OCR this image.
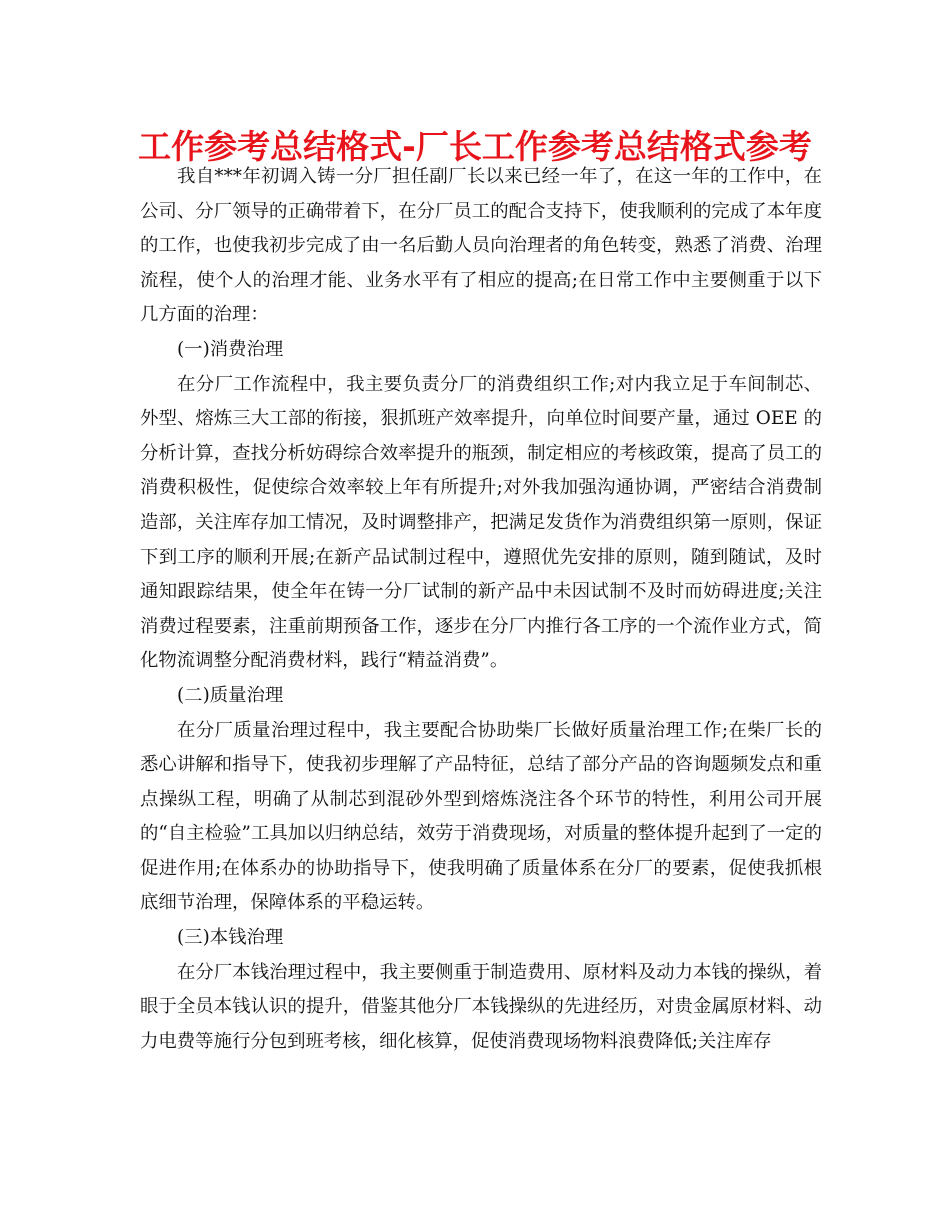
工作参考总结格式-厂长工作参考总结格式参考

我自***年初调入铸一分厂担任副厂长以来已经一年了，在这一年的工作中，在公司、分厂领导的正确带着下，在分厂员工的配合支持下，使我顺利的完成了本年度的工作，也使我初步完成了由一名后勤人员向治理者的角色转变，熟悉了消费、治理流程，使个人的治理才能、业务水平有了相应的提高;在日常工作中主要侧重于以下几方面的治理：

(一)消费治理

在分厂工作流程中，我主要负责分厂的消费组织工作;对内我立足于车间制芯、外型、熔炼三大工部的衔接，狠抓班产效率提升，向单位时间要产量，通过 OEE 的分析计算，查找分析妨碍综合效率提升的瓶颈，制定相应的考核政策，提高了员工的消费积极性，促使综合效率较上年有所提升;对外我加强沟通协调，严密结合消费制造部，关注库存加工情况，及时调整排产，把满足发货作为消费组织第一原则，保证下到工序的顺利开展;在新产品试制过程中，遵照优先安排的原则，随到随试，及时通知跟踪结果，使全年在铸一分厂试制的新产品中未因试制不及时而妨碍进度;关注消费过程要素，注重前期预备工作，逐步在分厂内推行各工序的一个流作业方式，简化物流调整分配消费材料，践行“精益消费”。

(二)质量治理

在分厂质量治理过程中，我主要配合协助柴厂长做好质量治理工作;在柴厂长的悉心讲解和指导下，使我初步理解了产品特征，总结了部分产品的咨询题频发点和重点操纵工程，明确了从制芯到混砂外型到熔炼浇注各个环节的特性，利用公司开展的“自主检验”工具加以归纳总结，效劳于消费现场，对质量的整体提升起到了一定的促进作用;在体系办的协助指导下，使我明确了质量体系在分厂的要素，促使我抓根底细节治理，保障体系的平稳运转。

(三)本钱治理

在分厂本钱治理过程中，我主要侧重于制造费用、原材料及动力本钱的操纵，着眼于全员本钱认识的提升，借鉴其他分厂本钱操纵的先进经历，对贵金属原材料、动力电费等施行分包到班考核，细化核算，促使消费现场物料浪费降低;关注库存
